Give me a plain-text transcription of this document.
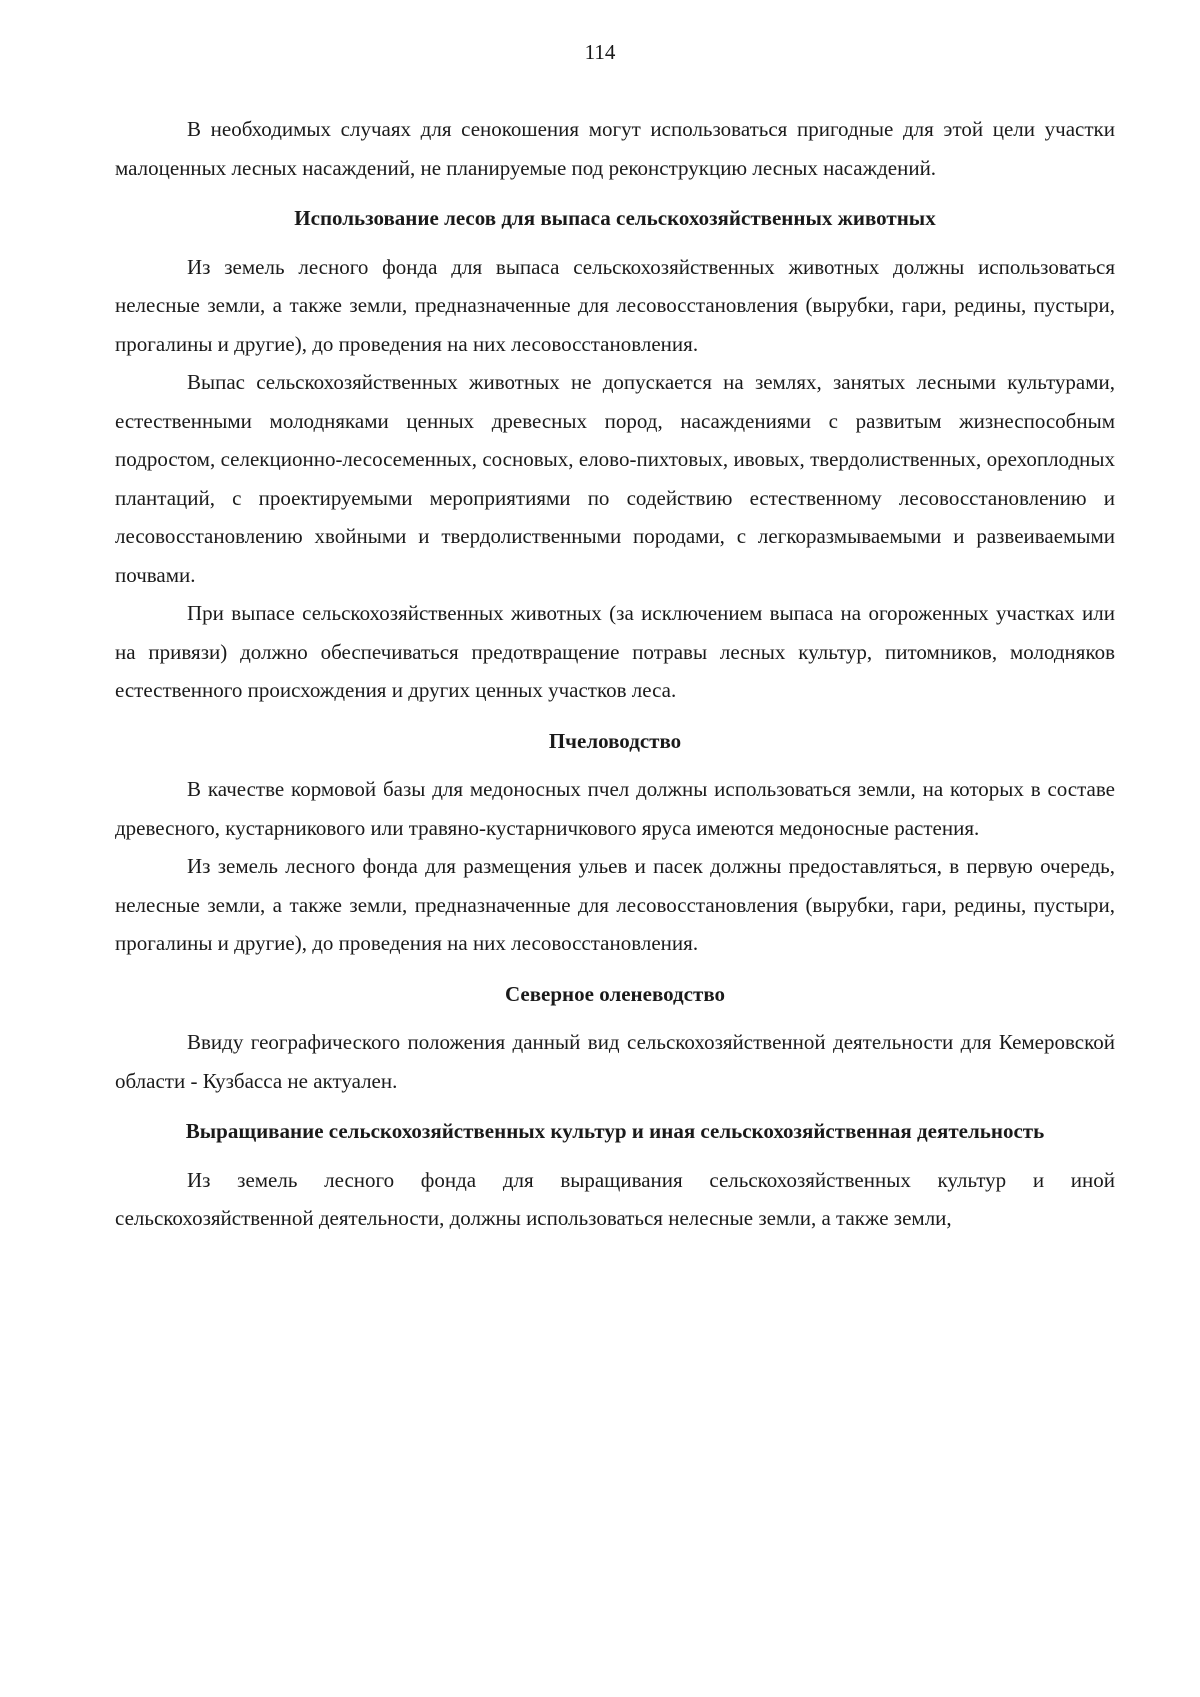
114

В необходимых случаях для сенокошения могут использоваться пригодные для этой цели участки малоценных лесных насаждений, не планируемые под реконструкцию лесных насаждений.

Использование лесов для выпаса сельскохозяйственных животных

Из земель лесного фонда для выпаса сельскохозяйственных животных должны использоваться нелесные земли, а также земли, предназначенные для лесовосстановления (вырубки, гари, редины, пустыри, прогалины и другие), до проведения на них лесовосстановления.

Выпас сельскохозяйственных животных не допускается на землях, занятых лесными культурами, естественными молодняками ценных древесных пород, насаждениями с развитым жизнеспособным подростом, селекционно-лесосеменных, сосновых, елово-пихтовых, ивовых, твердолиственных, орехоплодных плантаций, с проектируемыми мероприятиями по содействию естественному лесовосстановлению и лесовосстановлению хвойными и твердолиственными породами, с легкоразмываемыми и развеиваемыми почвами.

При выпасе сельскохозяйственных животных (за исключением выпаса на огороженных участках или на привязи) должно обеспечиваться предотвращение потравы лесных культур, питомников, молодняков естественного происхождения и других ценных участков леса.

Пчеловодство

В качестве кормовой базы для медоносных пчел должны использоваться земли, на которых в составе древесного, кустарникового или травяно-кустарничкового яруса имеются медоносные растения.

Из земель лесного фонда для размещения ульев и пасек должны предоставляться, в первую очередь, нелесные земли, а также земли, предназначенные для лесовосстановления (вырубки, гари, редины, пустыри, прогалины и другие), до проведения на них лесовосстановления.

Северное оленеводство

Ввиду географического положения данный вид сельскохозяйственной деятельности для Кемеровской области - Кузбасса не актуален.

Выращивание сельскохозяйственных культур и иная сельскохозяйственная деятельность

Из земель лесного фонда для выращивания сельскохозяйственных культур и иной сельскохозяйственной деятельности, должны использоваться нелесные земли, а также земли,
